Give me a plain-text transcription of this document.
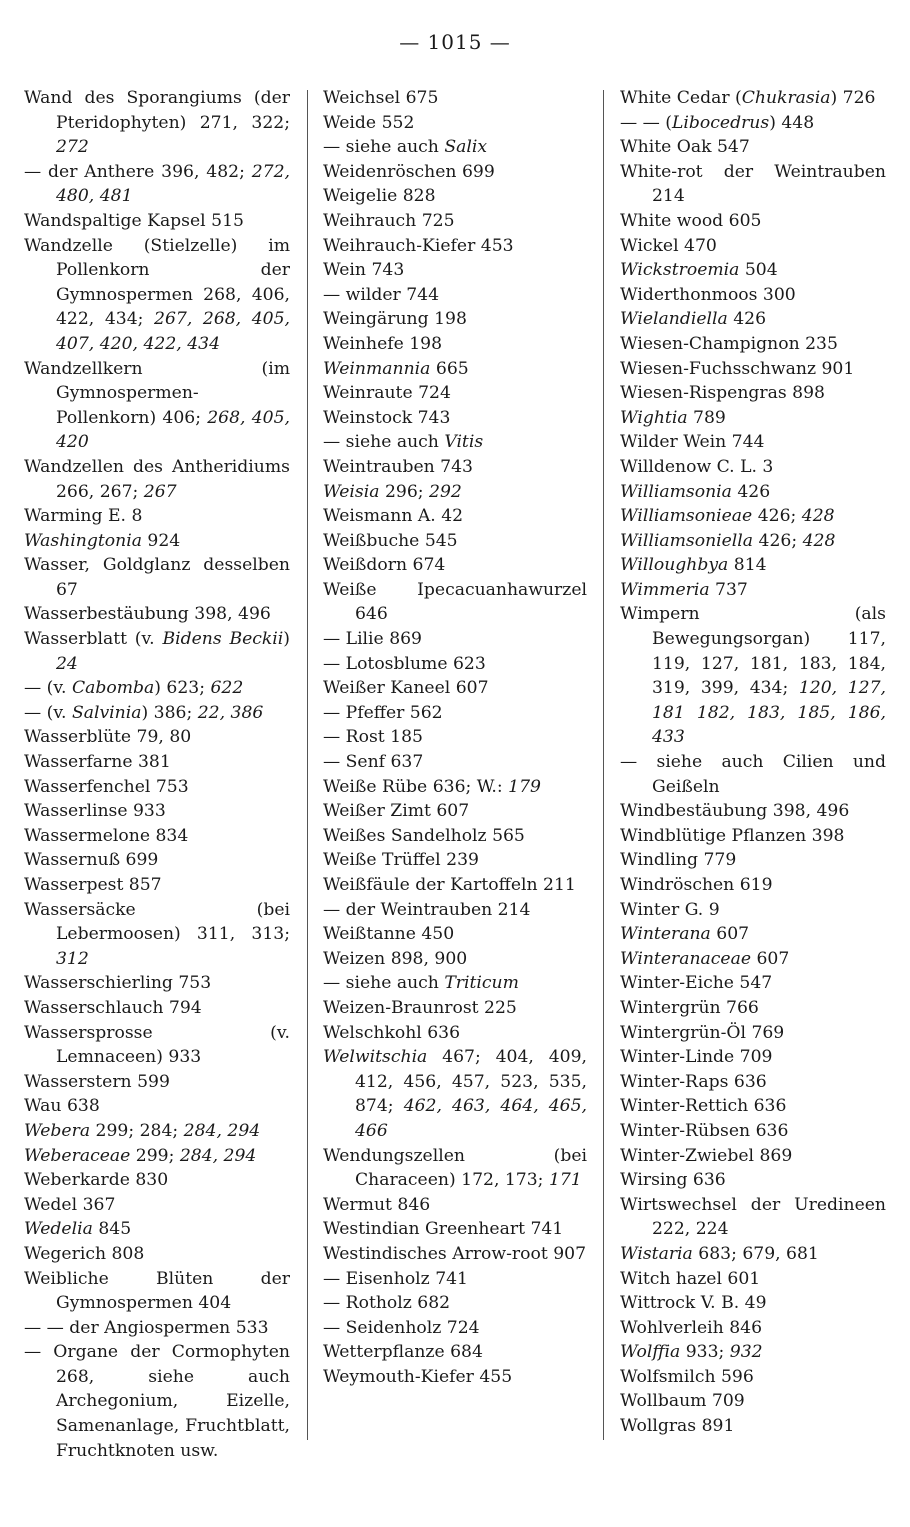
— 1015 —

Wand des Sporangiums (der Pteridophyten) 271, 322; 272

— der Anthere 396, 482; 272, 480, 481

Wandspaltige Kapsel 515

Wandzelle (Stielzelle) im Pollenkorn der Gymnospermen 268, 406, 422, 434; 267, 268, 405, 407, 420, 422, 434

Wandzellkern (im Gymnospermen-Pollenkorn) 406; 268, 405, 420

Wandzellen des Antheridiums 266, 267; 267

Warming E. 8

Washingtonia 924

Wasser, Goldglanz desselben 67

Wasserbestäubung 398, 496

Wasserblatt (v. Bidens Beckii) 24

— (v. Cabomba) 623; 622

— (v. Salvinia) 386; 22, 386

Wasserblüte 79, 80

Wasserfarne 381

Wasserfenchel 753

Wasserlinse 933

Wassermelone 834

Wassernuß 699

Wasserpest 857

Wassersäcke (bei Lebermoosen) 311, 313; 312

Wasserschierling 753

Wasserschlauch 794

Wassersprosse (v. Lemnaceen) 933

Wasserstern 599

Wau 638

Webera 299; 284; 284, 294

Weberaceae 299; 284, 294

Weberkarde 830

Wedel 367

Wedelia 845

Wegerich 808

Weibliche Blüten der Gymnospermen 404

— — der Angiospermen 533

— Organe der Cormophyten 268, siehe auch Archegonium, Eizelle, Samenanlage, Fruchtblatt, Fruchtknoten usw.

Weichsel 675

Weide 552

— siehe auch Salix

Weidenröschen 699

Weigelie 828

Weihrauch 725

Weihrauch-Kiefer 453

Wein 743

— wilder 744

Weingärung 198

Weinhefe 198

Weinmannia 665

Weinraute 724

Weinstock 743

— siehe auch Vitis

Weintrauben 743

Weisia 296; 292

Weismann A. 42

Weißbuche 545

Weißdorn 674

Weiße Ipecacuanhawurzel 646

— Lilie 869

— Lotosblume 623

Weißer Kaneel 607

— Pfeffer 562

— Rost 185

— Senf 637

Weiße Rübe 636; W.: 179

Weißer Zimt 607

Weißes Sandelholz 565

Weiße Trüffel 239

Weißfäule der Kartoffeln 211

— der Weintrauben 214

Weißtanne 450

Weizen 898, 900

— siehe auch Triticum

Weizen-Braunrost 225

Welschkohl 636

Welwitschia 467; 404, 409, 412, 456, 457, 523, 535, 874; 462, 463, 464, 465, 466

Wendungszellen (bei Characeen) 172, 173; 171

Wermut 846

Westindian Greenheart 741

Westindisches Arrow-root 907

— Eisenholz 741

— Rotholz 682

— Seidenholz 724

Wetterpflanze 684

Weymouth-Kiefer 455

White Cedar (Chukrasia) 726

— — (Libocedrus) 448

White Oak 547

White-rot der Weintrauben 214

White wood 605

Wickel 470

Wickstroemia 504

Widerthonmoos 300

Wielandiella 426

Wiesen-Champignon 235

Wiesen-Fuchsschwanz 901

Wiesen-Rispengras 898

Wightia 789

Wilder Wein 744

Willdenow C. L. 3

Williamsonia 426

Williamsonieae 426; 428

Williamsoniella 426; 428

Willoughbya 814

Wimmeria 737

Wimpern (als Bewegungsorgan) 117, 119, 127, 181, 183, 184, 319, 399, 434; 120, 127, 181 182, 183, 185, 186, 433

— siehe auch Cilien und Geißeln

Windbestäubung 398, 496

Windblütige Pflanzen 398

Windling 779

Windröschen 619

Winter G. 9

Winterana 607

Winteranaceae 607

Winter-Eiche 547

Wintergrün 766

Wintergrün-Öl 769

Winter-Linde 709

Winter-Raps 636

Winter-Rettich 636

Winter-Rübsen 636

Winter-Zwiebel 869

Wirsing 636

Wirtswechsel der Uredineen 222, 224

Wistaria 683; 679, 681

Witch hazel 601

Wittrock V. B. 49

Wohlverleih 846

Wolffia 933; 932

Wolfsmilch 596

Wollbaum 709

Wollgras 891
